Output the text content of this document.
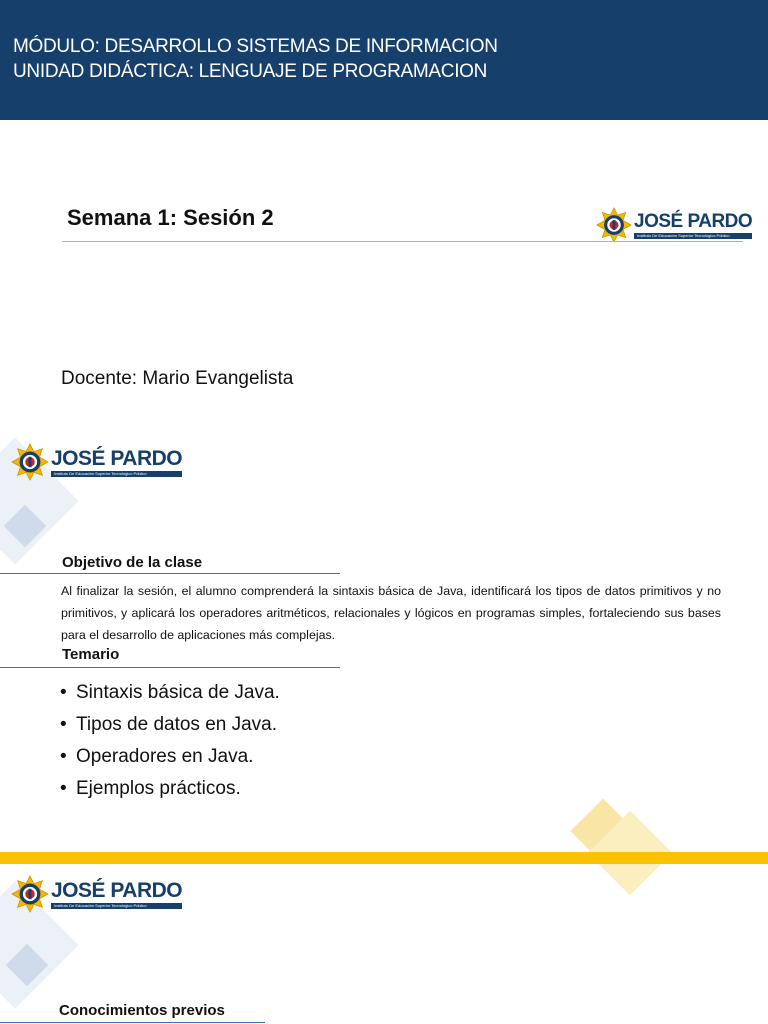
MÓDULO: DESARROLLO SISTEMAS DE INFORMACION
UNIDAD DIDÁCTICA: LENGUAJE DE PROGRAMACION
Semana 1: Sesión 2	JOSÉ PARDO
Instituto De Educación Superior Tecnológico Público
Docente: Mario Evangelista
JOSÉ PARDO
Instituto De Educación Superior Tecnológico Público
Objetivo de la clase
Al finalizar la sesión, el alumno comprenderá la sintaxis básica de Java, identificará los tipos de datos primitivos y no primitivos, y aplicará los operadores aritméticos, relacionales y lógicos en programas simples, fortaleciendo sus bases para el desarrollo de aplicaciones más complejas.
Temario
• Sintaxis básica de Java.
• Tipos de datos en Java.
• Operadores en Java.
• Ejemplos prácticos.
JOSÉ PARDO
Instituto De Educación Superior Tecnológico Público
Conocimientos previos
